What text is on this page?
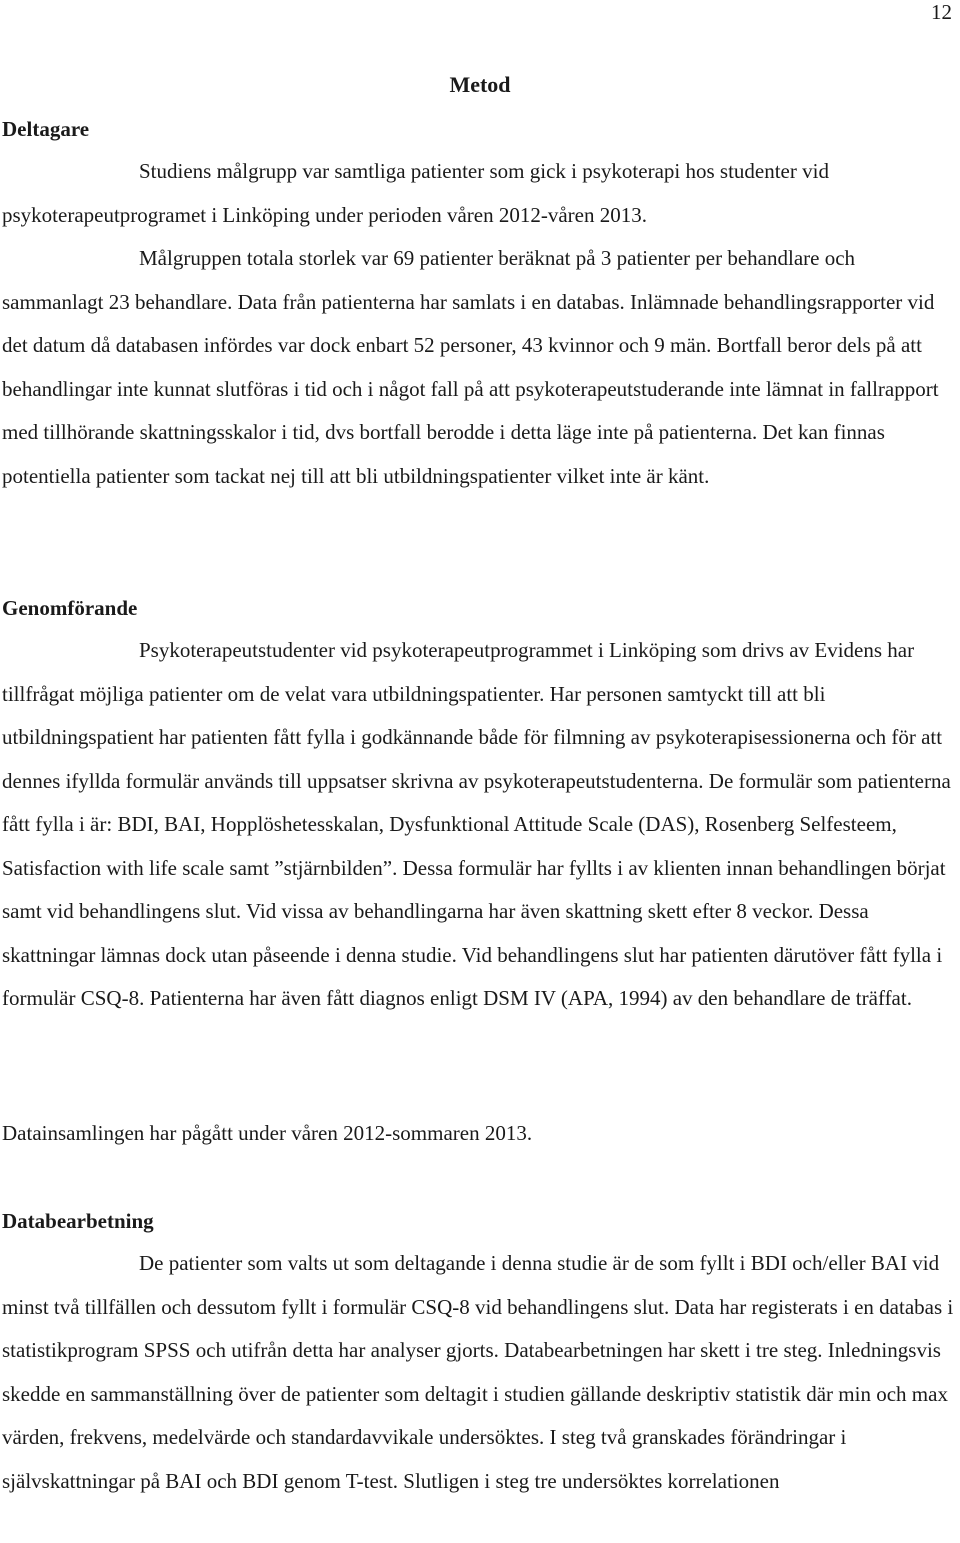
12
Metod
Deltagare

Studiens målgrupp var samtliga patienter som gick i psykoterapi hos studenter vid psykoterapeutprogramet i Linköping under perioden våren 2012-våren 2013.

Målgruppen totala storlek var 69 patienter beräknat på 3 patienter per behandlare och sammanlagt 23 behandlare. Data från patienterna har samlats i en databas. Inlämnade behandlingsrapporter vid det datum då databasen infördes var dock enbart 52 personer, 43 kvinnor och 9 män. Bortfall beror dels på att behandlingar inte kunnat slutföras i tid och i något fall på att psykoterapeutstuderande inte lämnat in fallrapport med tillhörande skattningsskalor i tid, dvs bortfall berodde i detta läge inte på patienterna. Det kan finnas potentiella patienter som tackat nej till att bli utbildningspatienter vilket inte är känt.

Genomförande

Psykoterapeutstudenter vid psykoterapeutprogrammet i Linköping som drivs av Evidens har tillfrågat möjliga patienter om de velat vara utbildningspatienter. Har personen samtyckt till att bli utbildningspatient har patienten fått fylla i godkännande både för filmning av psykoterapisessionerna och för att dennes ifyllda formulär används till uppsatser skrivna av psykoterapeutstudenterna. De formulär som patienterna fått fylla i är: BDI, BAI, Hopplöshetesskalan, Dysfunktional Attitude Scale (DAS), Rosenberg Selfesteem, Satisfaction with life scale samt ”stjärnbilden”. Dessa formulär har fyllts i av klienten innan behandlingen börjat samt vid behandlingens slut. Vid vissa av behandlingarna har även skattning skett efter 8 veckor. Dessa skattningar lämnas dock utan påseende i denna studie. Vid behandlingens slut har patienten därutöver fått fylla i formulär CSQ-8. Patienterna har även fått diagnos enligt DSM IV (APA, 1994) av den behandlare de träffat.

Datainsamlingen har pågått under våren 2012-sommaren 2013.

Databearbetning

De patienter som valts ut som deltagande i denna studie är de som fyllt i BDI och/eller BAI vid minst två tillfällen och dessutom fyllt i formulär CSQ-8 vid behandlingens slut. Data har registerats i en databas i statistikprogram SPSS och utifrån detta har analyser gjorts. Databearbetningen har skett i tre steg. Inledningsvis skedde en sammanställning över de patienter som deltagit i studien gällande deskriptiv statistik där min och max värden, frekvens, medelvärde och standardavvikale undersöktes. I steg två granskades förändringar i självskattningar på BAI och BDI genom T-test. Slutligen i steg tre undersöktes korrelationen
